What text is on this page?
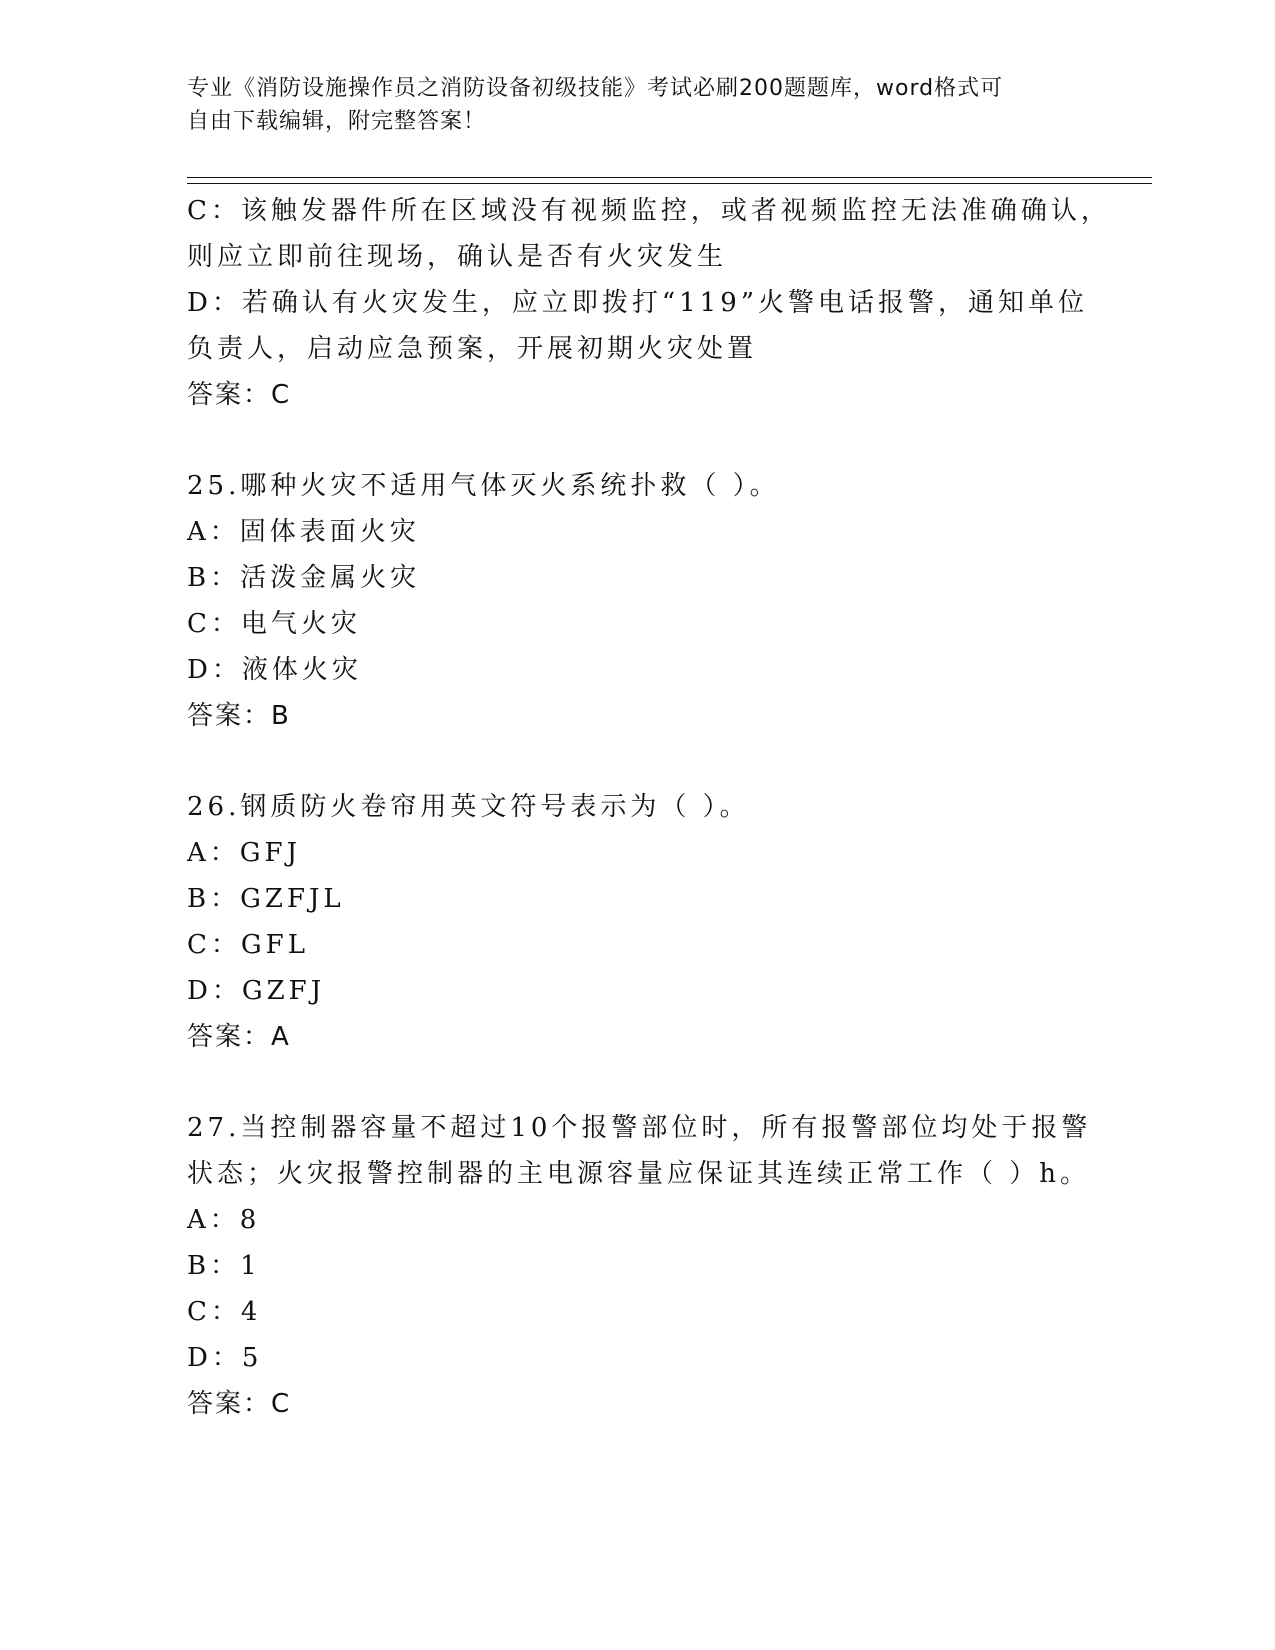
专业《消防设施操作员之消防设备初级技能》考试必刷200题题库，word格式可
自由下载编辑，附完整答案！
C：该触发器件所在区域没有视频监控，或者视频监控无法准确确认，
则应立即前往现场，确认是否有火灾发生
D：若确认有火灾发生，应立即拨打“119”火警电话报警，通知单位
负责人，启动应急预案，开展初期火灾处置
答案：C
25.哪种火灾不适用气体灭火系统扑救（ ）。
A：固体表面火灾
B：活泼金属火灾
C：电气火灾
D：液体火灾
答案：B
26.钢质防火卷帘用英文符号表示为（ ）。
A：GFJ
B：GZFJL
C：GFL
D：GZFJ
答案：A
27.当控制器容量不超过10个报警部位时，所有报警部位均处于报警
状态；火灾报警控制器的主电源容量应保证其连续正常工作（ ）h。
A：8
B：1
C：4
D：5
答案：C
